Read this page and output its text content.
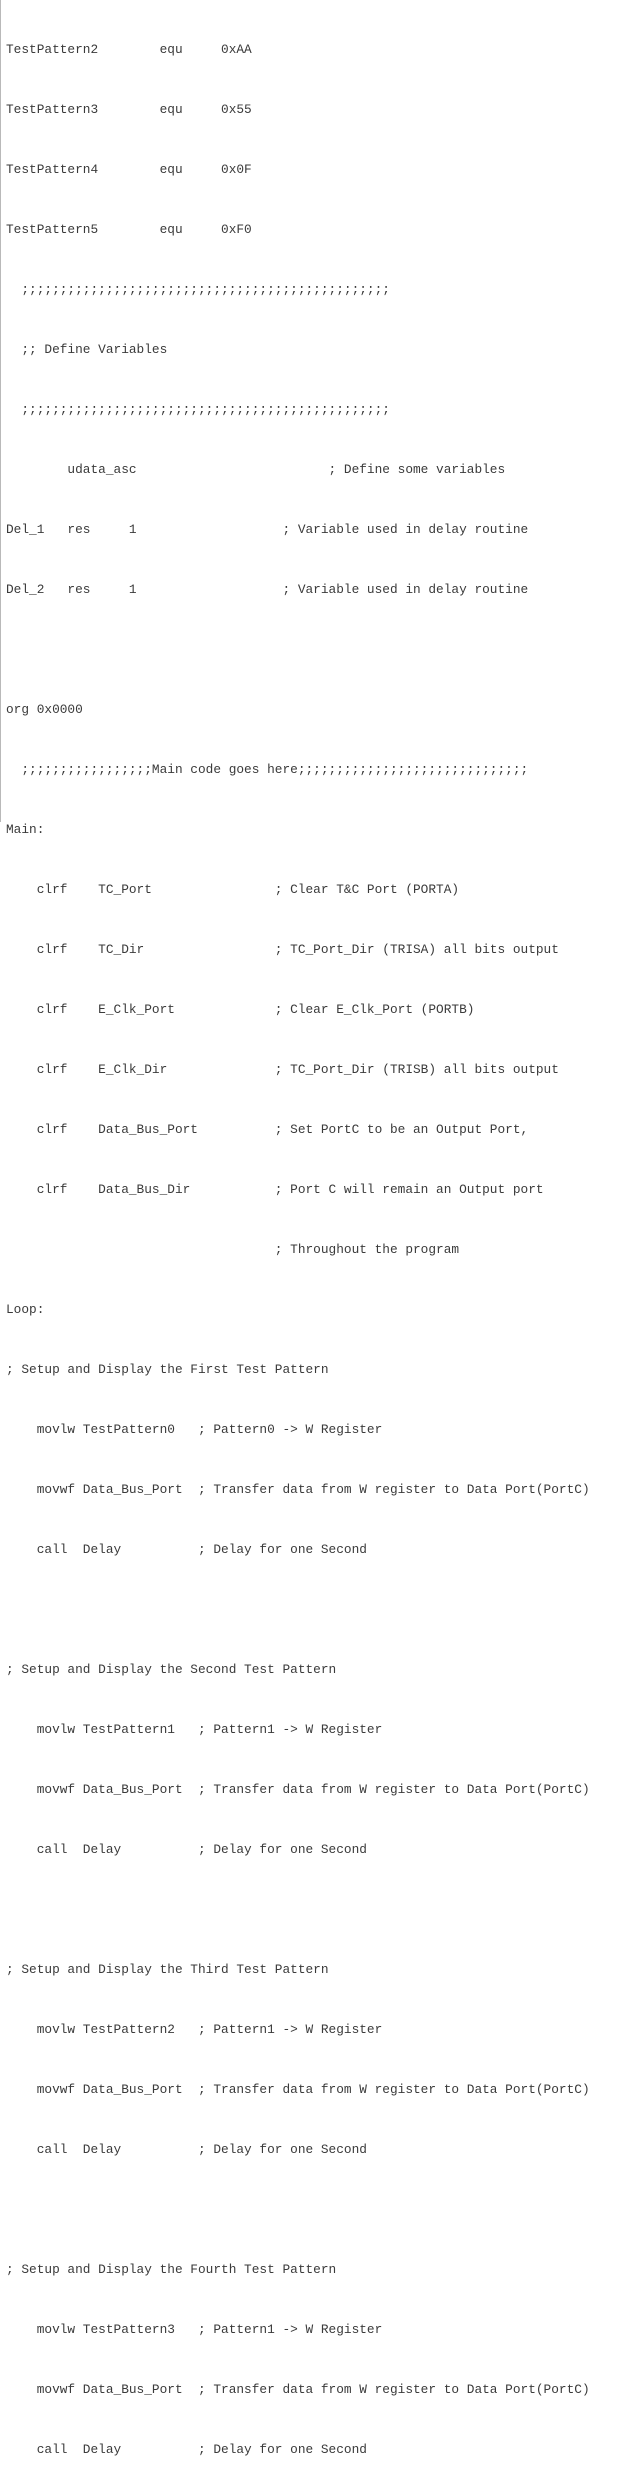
TestPattern2        equ     0xAA

TestPattern3        equ     0x55

TestPattern4        equ     0x0F

TestPattern5        equ     0xF0

;;;;;;;;;;;;;;;;;;;;;;;;;;;;;;;;;;;;;;;;;;;;;;;;

;; Define Variables

;;;;;;;;;;;;;;;;;;;;;;;;;;;;;;;;;;;;;;;;;;;;;;;;

udata_asc                         ; Define some variables

Del_1   res     1                   ; Variable used in delay routine

Del_2   res     1                   ; Variable used in delay routine

org 0x0000

;;;;;;;;;;;;;;;;;Main code goes here;;;;;;;;;;;;;;;;;;;;;;;;;;;;;;

Main:

clrf    TC_Port                ; Clear T&C Port (PORTA)

clrf    TC_Dir                 ; TC_Port_Dir (TRISA) all bits output

clrf    E_Clk_Port             ; Clear E_Clk_Port (PORTB)

clrf    E_Clk_Dir              ; TC_Port_Dir (TRISB) all bits output

clrf    Data_Bus_Port          ; Set PortC to be an Output Port,

clrf    Data_Bus_Dir           ; Port C will remain an Output port

; Throughout the program

Loop:

; Setup and Display the First Test Pattern

movlw TestPattern0   ; Pattern0 -> W Register

movwf Data_Bus_Port  ; Transfer data from W register to Data Port(PortC)

call  Delay          ; Delay for one Second

; Setup and Display the Second Test Pattern

movlw TestPattern1   ; Pattern1 -> W Register

movwf Data_Bus_Port  ; Transfer data from W register to Data Port(PortC)

call  Delay          ; Delay for one Second

; Setup and Display the Third Test Pattern

movlw TestPattern2   ; Pattern1 -> W Register

movwf Data_Bus_Port  ; Transfer data from W register to Data Port(PortC)

call  Delay          ; Delay for one Second

; Setup and Display the Fourth Test Pattern

movlw TestPattern3   ; Pattern1 -> W Register

movwf Data_Bus_Port  ; Transfer data from W register to Data Port(PortC)

call  Delay          ; Delay for one Second
